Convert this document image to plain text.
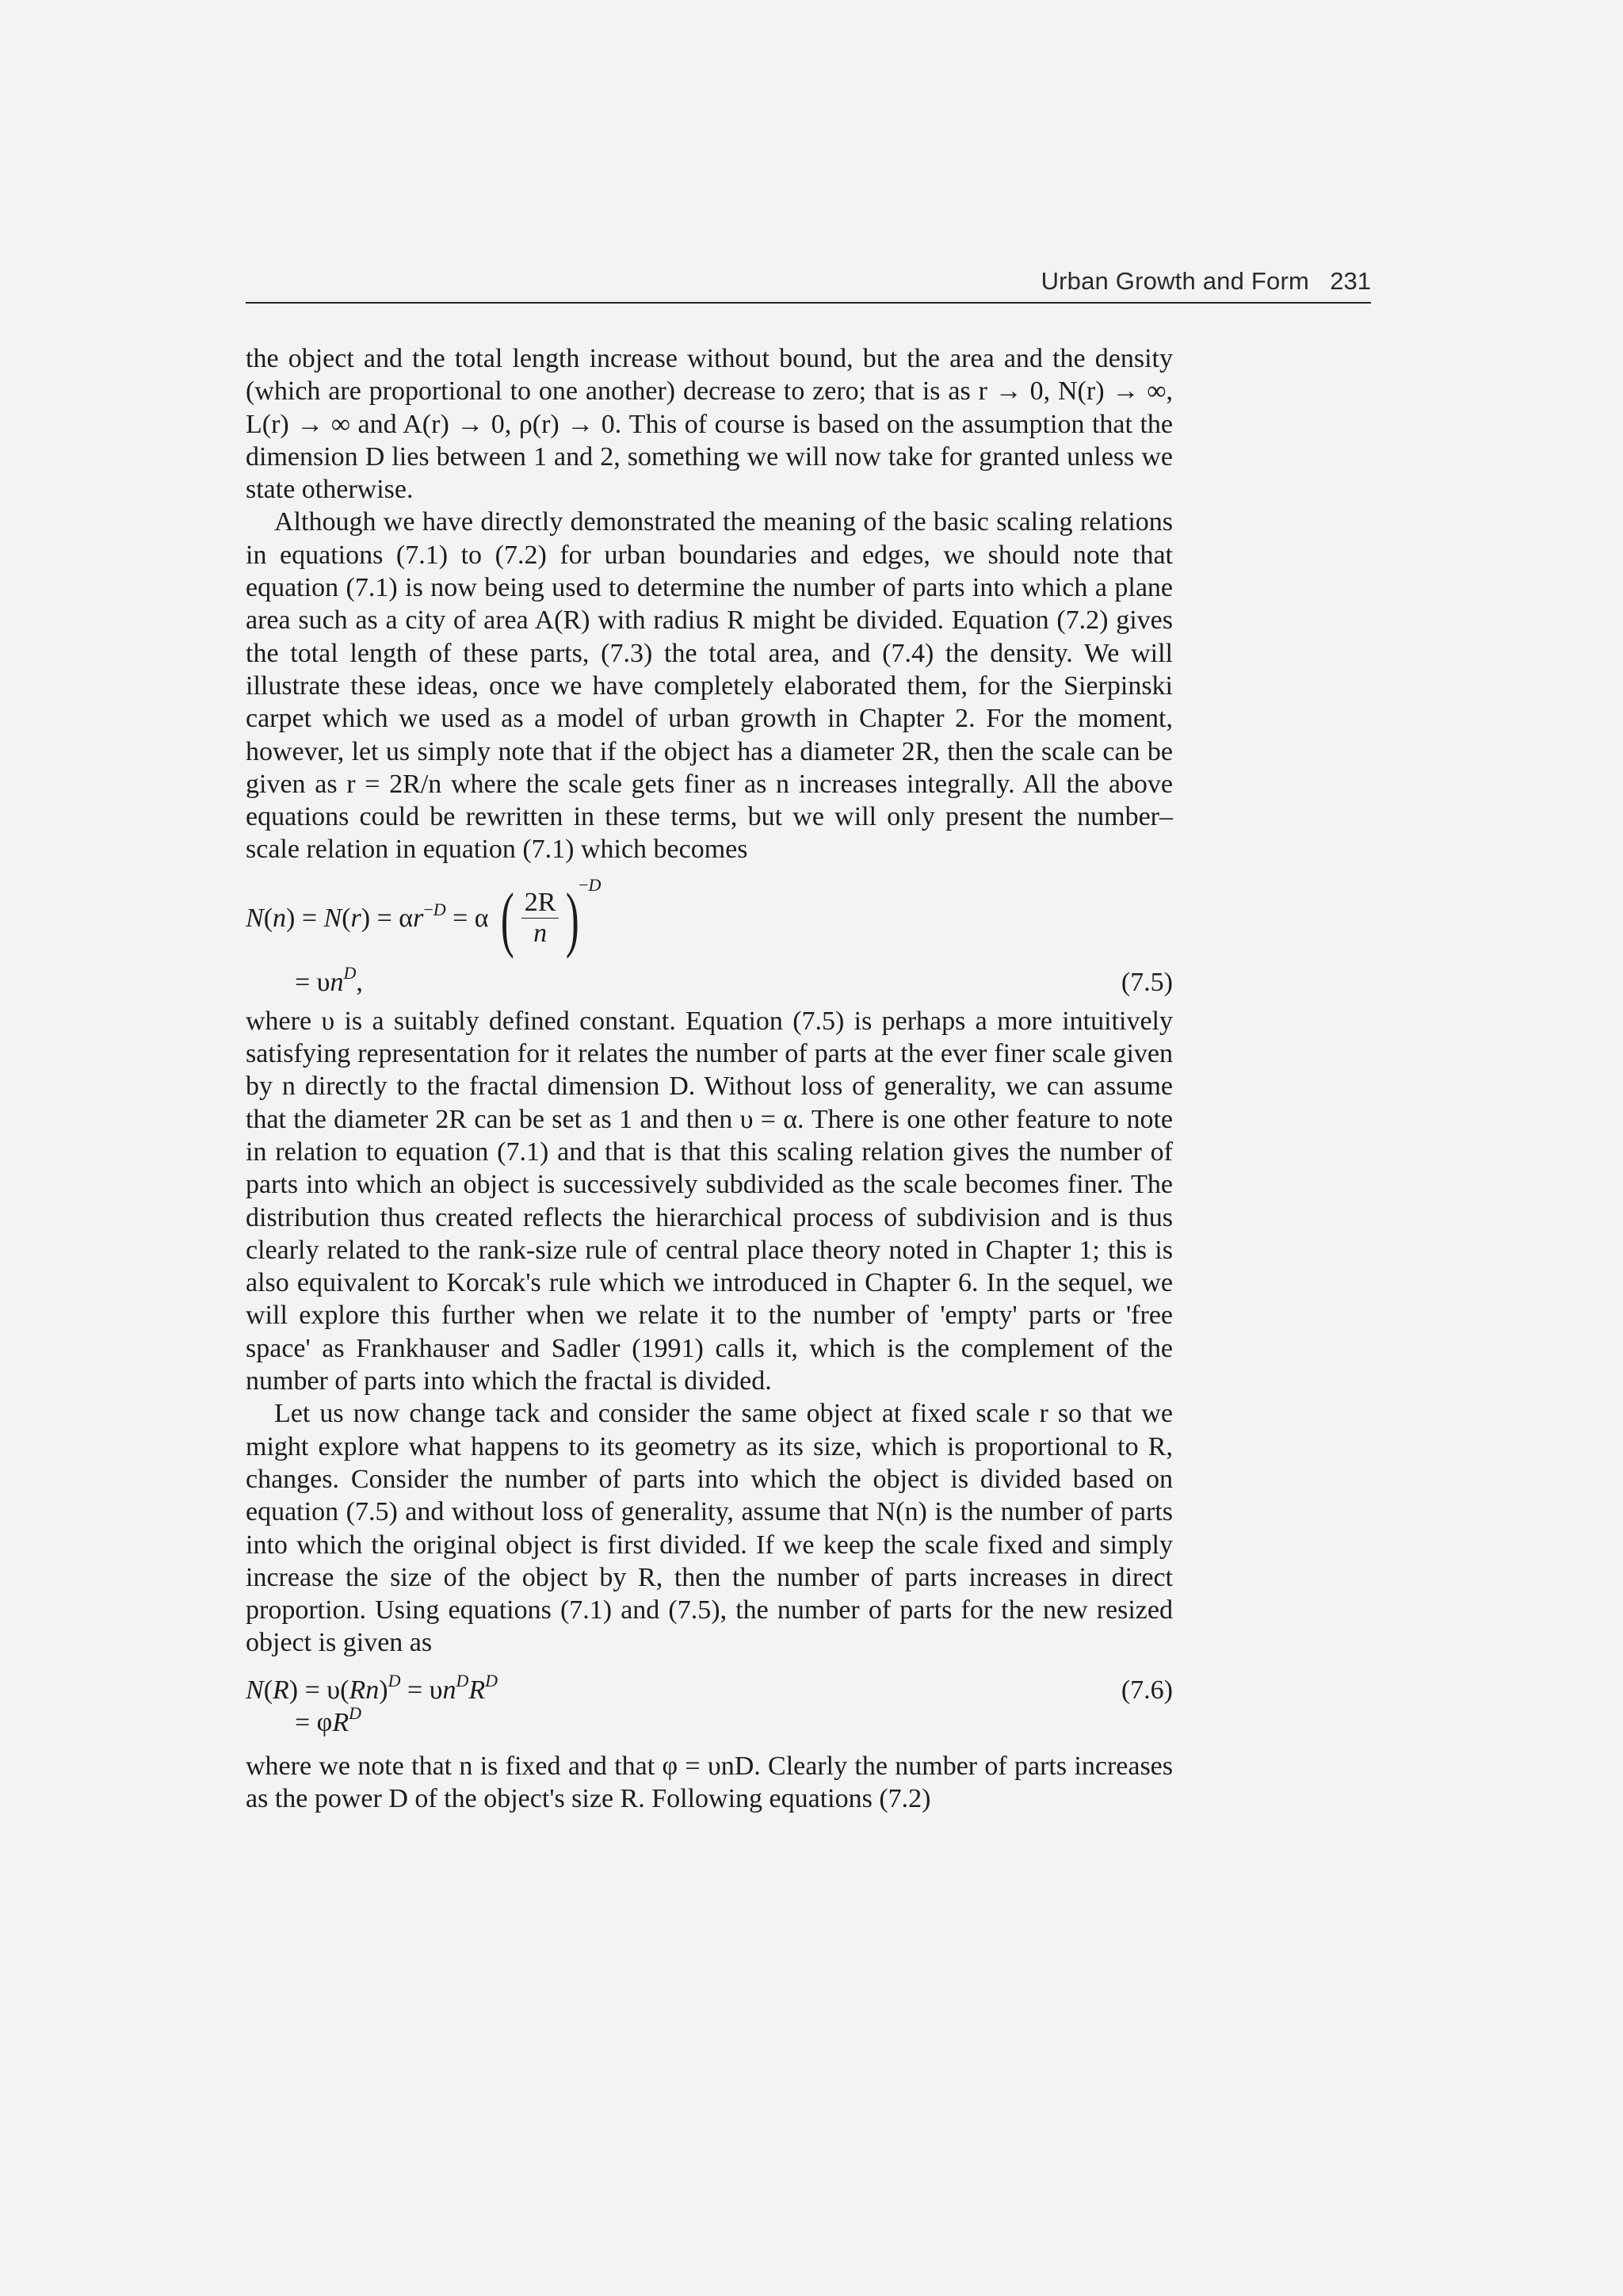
Urban Growth and Form 231

the object and the total length increase without bound, but the area and the density (which are proportional to one another) decrease to zero; that is as r → 0, N(r) → ∞, L(r) → ∞ and A(r) → 0, ρ(r) → 0. This of course is based on the assumption that the dimension D lies between 1 and 2, something we will now take for granted unless we state otherwise.

Although we have directly demonstrated the meaning of the basic scaling relations in equations (7.1) to (7.2) for urban boundaries and edges, we should note that equation (7.1) is now being used to determine the number of parts into which a plane area such as a city of area A(R) with radius R might be divided. Equation (7.2) gives the total length of these parts, (7.3) the total area, and (7.4) the density. We will illustrate these ideas, once we have completely elaborated them, for the Sierpinski carpet which we used as a model of urban growth in Chapter 2. For the moment, however, let us simply note that if the object has a diameter 2R, then the scale can be given as r = 2R/n where the scale gets finer as n increases integrally. All the above equations could be rewritten in these terms, but we will only present the number–scale relation in equation (7.1) which becomes

$N(n) = N(r) = \alpha r^{-D} = \alpha$ ( $\frac{2R}{n} )^{-D}$
= $\upsilon n^D$,	(7.5)

where υ is a suitably defined constant. Equation (7.5) is perhaps a more intuitively satisfying representation for it relates the number of parts at the ever finer scale given by n directly to the fractal dimension D. Without loss of generality, we can assume that the diameter 2R can be set as 1 and then υ = α. There is one other feature to note in relation to equation (7.1) and that is that this scaling relation gives the number of parts into which an object is successively subdivided as the scale becomes finer. The distribution thus created reflects the hierarchical process of subdivision and is thus clearly related to the rank-size rule of central place theory noted in Chapter 1; this is also equivalent to Korcak's rule which we introduced in Chapter 6. In the sequel, we will explore this further when we relate it to the number of 'empty' parts or 'free space' as Frankhauser and Sadler (1991) calls it, which is the complement of the number of parts into which the fractal is divided.

Let us now change tack and consider the same object at fixed scale r so that we might explore what happens to its geometry as its size, which is proportional to R, changes. Consider the number of parts into which the object is divided based on equation (7.5) and without loss of generality, assume that N(n) is the number of parts into which the original object is first divided. If we keep the scale fixed and simply increase the size of the object by R, then the number of parts increases in direct proportion. Using equations (7.1) and (7.5), the number of parts for the new resized object is given as

$N(R) = \upsilon(Rn)^D = \upsilon n^DR^D$	(7.6)
= $\varphi R^D$

where we note that n is fixed and that φ = υnD. Clearly the number of parts increases as the power D of the object's size R. Following equations (7.2)
